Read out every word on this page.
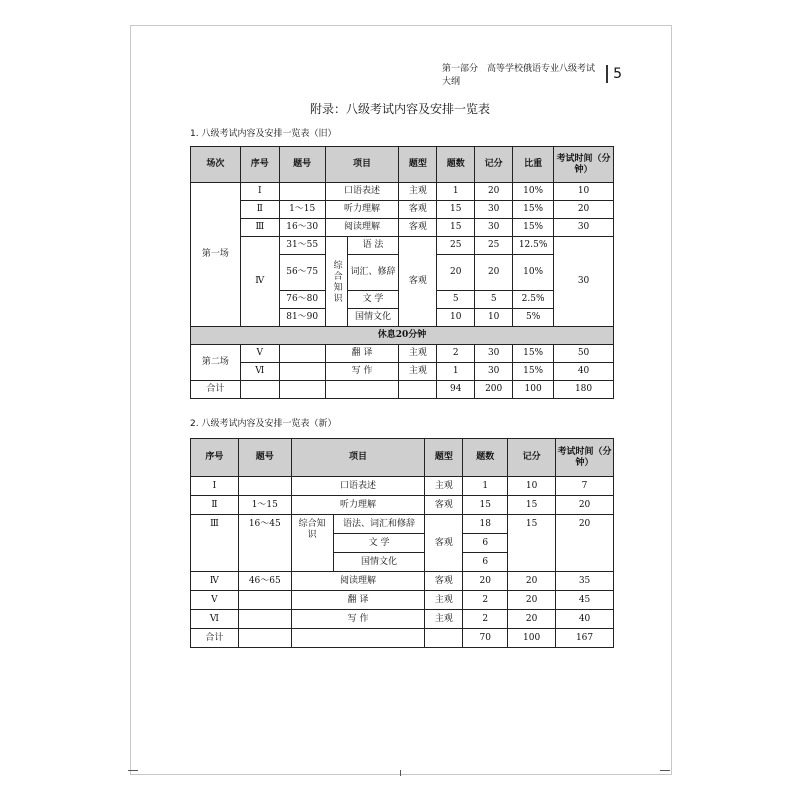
第一部分　高等学校俄语专业八级考试大纲	5
附录：八级考试内容及安排一览表
1. 八级考试内容及安排一览表（旧）
场次	序号	题号	项目		题型	题数	记分	比重	考试时间（分钟）
第一场	Ⅰ		口语表述		主观	1	20	10%	10
	Ⅱ	1～15	听力理解		客观	15	30	15%	20
	Ⅲ	16～30	阅读理解		客观	15	30	15%	30
	Ⅳ	31～55	综合知识	语 法	客观	25	25	12.5%	30
		56～75		词汇、修辞		20	20	10%	
		76～80		文 学		5	5	2.5%	
		81～90		国情文化		10	10	5%	
休息20分钟									
第二场	Ⅴ		翻 译		主观	2	30	15%	50
	Ⅵ		写 作		主观	1	30	15%	40
合计						94	200	100	180
2. 八级考试内容及安排一览表（新）
序号	题号	项目		题型	题数	记分	考试时间（分钟）
Ⅰ		口语表述		主观	1	10	7
Ⅱ	1～15	听力理解		客观	15	15	20
Ⅲ	16～45	综合知识	语法、词汇和修辞	客观	18	15	20
			文 学		6		
			国情文化		6		
Ⅳ	46～65	阅读理解		客观	20	20	35
Ⅴ		翻 译		主观	2	20	45
Ⅵ		写 作		主观	2	20	40
合计					70	100	167
